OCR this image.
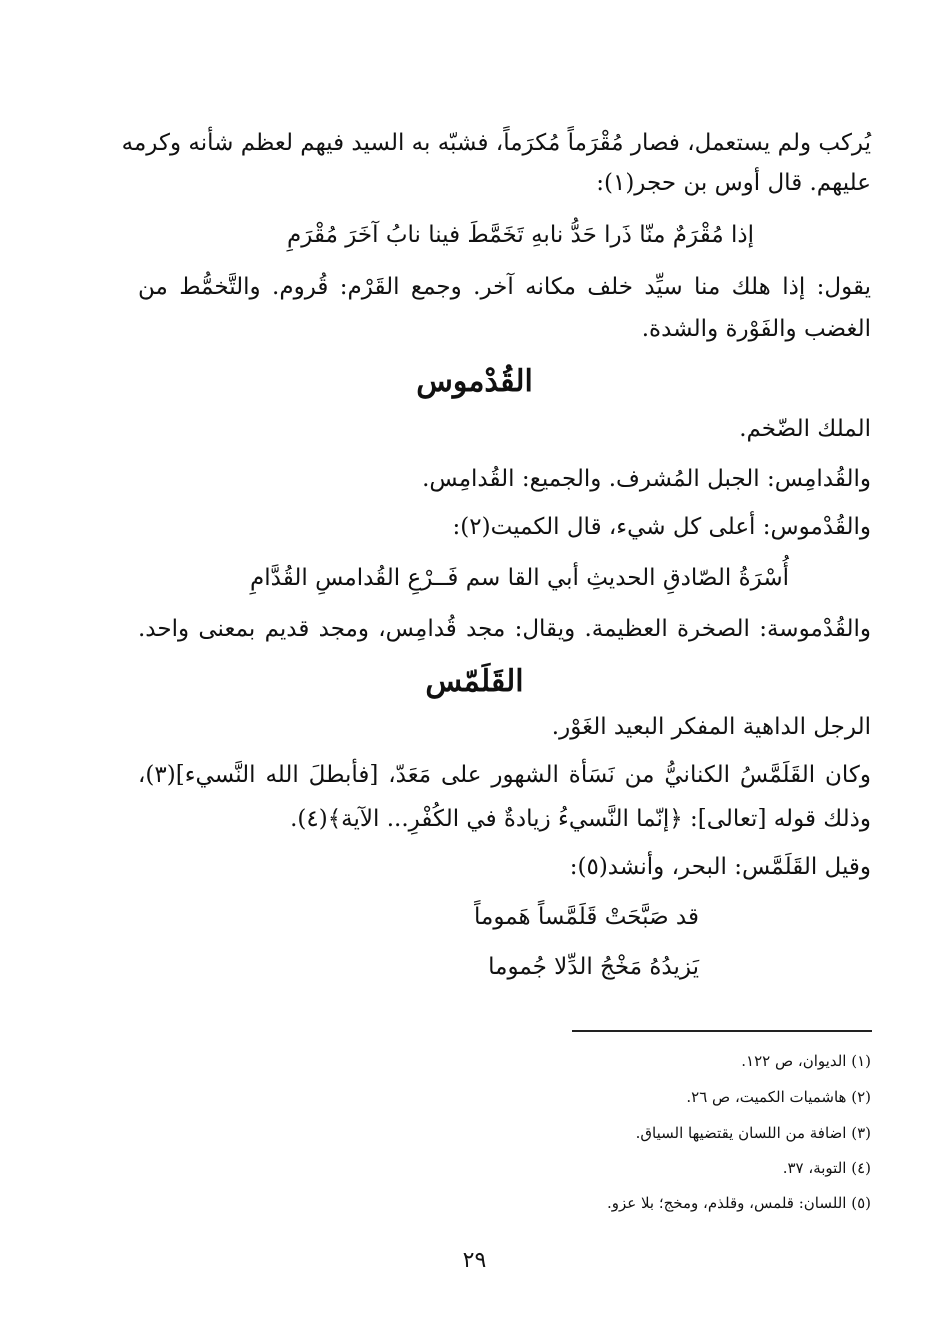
يُركب ولم يستعمل، فصار مُقْرَماً مُكرَماً، فشبّه به السيد فيهم لعظم شأنه وكرمه
عليهم. قال أوس بن حجر(١):
إذا مُقْرَمٌ منّا ذَرا حَدُّ نابهِ تَخَمَّطَ فينا نابُ آخَرَ مُقْرَمِ
يقول: إذا هلك منا سيِّد خلف مكانه آخر. وجمع القَرْم: قُروم. والتَّخمُّط من
الغضب والفَوْرة والشدة.
القُدْموس
الملك الضّخم.
والقُدامِس: الجبل المُشرف. والجميع: القُدامِس.
والقُدْموس: أعلى كل شيء، قال الكميت(٢):
أُسْرَةُ الصّادقِ الحديثِ أبي القا سم فَــرْعِ القُدامسِ القُدَّامِ
والقُدْموسة: الصخرة العظيمة. ويقال: مجد قُدامِس، ومجد قديم بمعنى واحد.
القَلَمّس
الرجل الداهية المفكر البعيد الغَوْر.
وكان القَلَمَّسُ الكنانيُّ من نَسَأة الشهور على مَعَدّ، [فأبطلَ الله النَّسيء](٣)،
وذلك قوله [تعالى]: ﴿إنّما النَّسيءُ زيادةٌ في الكُفْرِ... الآية﴾(٤).
وقيل القَلَمَّس: البحر، وأنشد(٥):
قد صَبَّحَتْ قَلَمَّساً هَموماً
يَزيدُهُ مَخْجُ الدِّلا جُموما
(١) الديوان، ص ١٢٢.
(٢) هاشميات الكميت، ص ٢٦.
(٣) اضافة من اللسان يقتضيها السياق.
(٤) التوبة، ٣٧.
(٥) اللسان: قلمس، وقلذم، ومخج؛ بلا عزو.
٢٩
